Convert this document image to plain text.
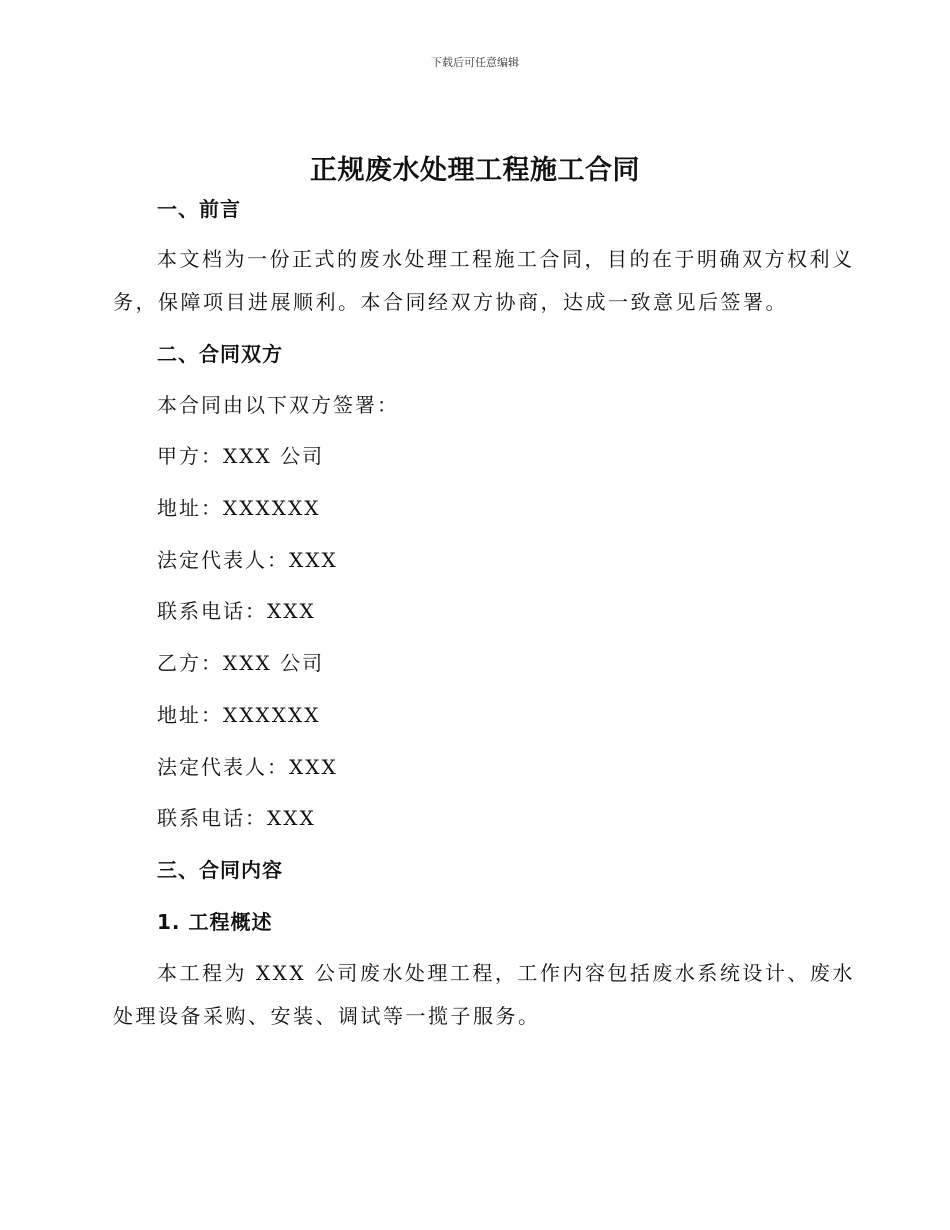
下载后可任意编辑
正规废水处理工程施工合同
一、前言
本文档为一份正式的废水处理工程施工合同，目的在于明确双方权利义
务，保障项目进展顺利。本合同经双方协商，达成一致意见后签署。
二、合同双方
本合同由以下双方签署：
甲方：XXX 公司
地址：XXXXXX
法定代表人：XXX
联系电话：XXX
乙方：XXX 公司
地址：XXXXXX
法定代表人：XXX
联系电话：XXX
三、合同内容
1. 工程概述
本工程为 XXX 公司废水处理工程，工作内容包括废水系统设计、废水
处理设备采购、安装、调试等一揽子服务。
